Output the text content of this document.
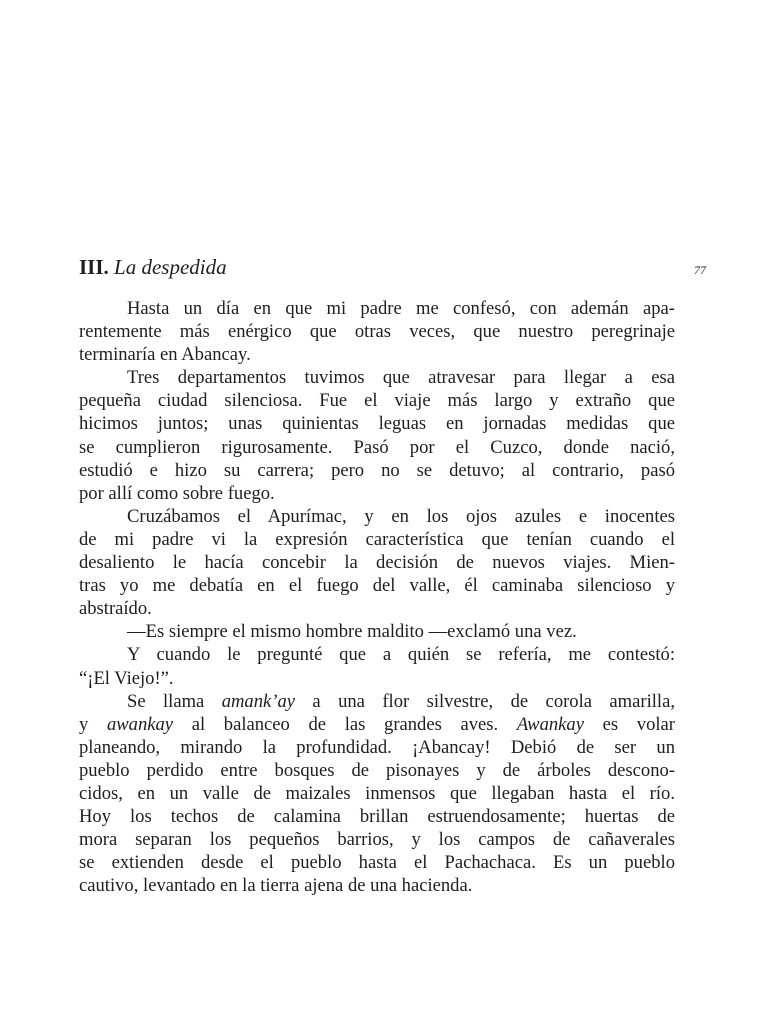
III. La despedida	77
Hasta un día en que mi padre me confesó, con ademán apa-
rentemente más enérgico que otras veces, que nuestro peregrinaje
terminaría en Abancay.
Tres departamentos tuvimos que atravesar para llegar a esa
pequeña ciudad silenciosa. Fue el viaje más largo y extraño que
hicimos juntos; unas quinientas leguas en jornadas medidas que
se cumplieron rigurosamente. Pasó por el Cuzco, donde nació,
estudió e hizo su carrera; pero no se detuvo; al contrario, pasó
por allí como sobre fuego.
Cruzábamos el Apurímac, y en los ojos azules e inocentes
de mi padre vi la expresión característica que tenían cuando el
desaliento le hacía concebir la decisión de nuevos viajes. Mien-
tras yo me debatía en el fuego del valle, él caminaba silencioso y
abstraído.
—Es siempre el mismo hombre maldito —exclamó una vez.
Y cuando le pregunté que a quién se refería, me contestó:
“¡El Viejo!”.
Se llama amank’ay a una flor silvestre, de corola amarilla,
y awankay al balanceo de las grandes aves. Awankay es volar
planeando, mirando la profundidad. ¡Abancay! Debió de ser un
pueblo perdido entre bosques de pisonayes y de árboles descono-
cidos, en un valle de maizales inmensos que llegaban hasta el río.
Hoy los techos de calamina brillan estruendosamente; huertas de
mora separan los pequeños barrios, y los campos de cañaverales
se extienden desde el pueblo hasta el Pachachaca. Es un pueblo
cautivo, levantado en la tierra ajena de una hacienda.
